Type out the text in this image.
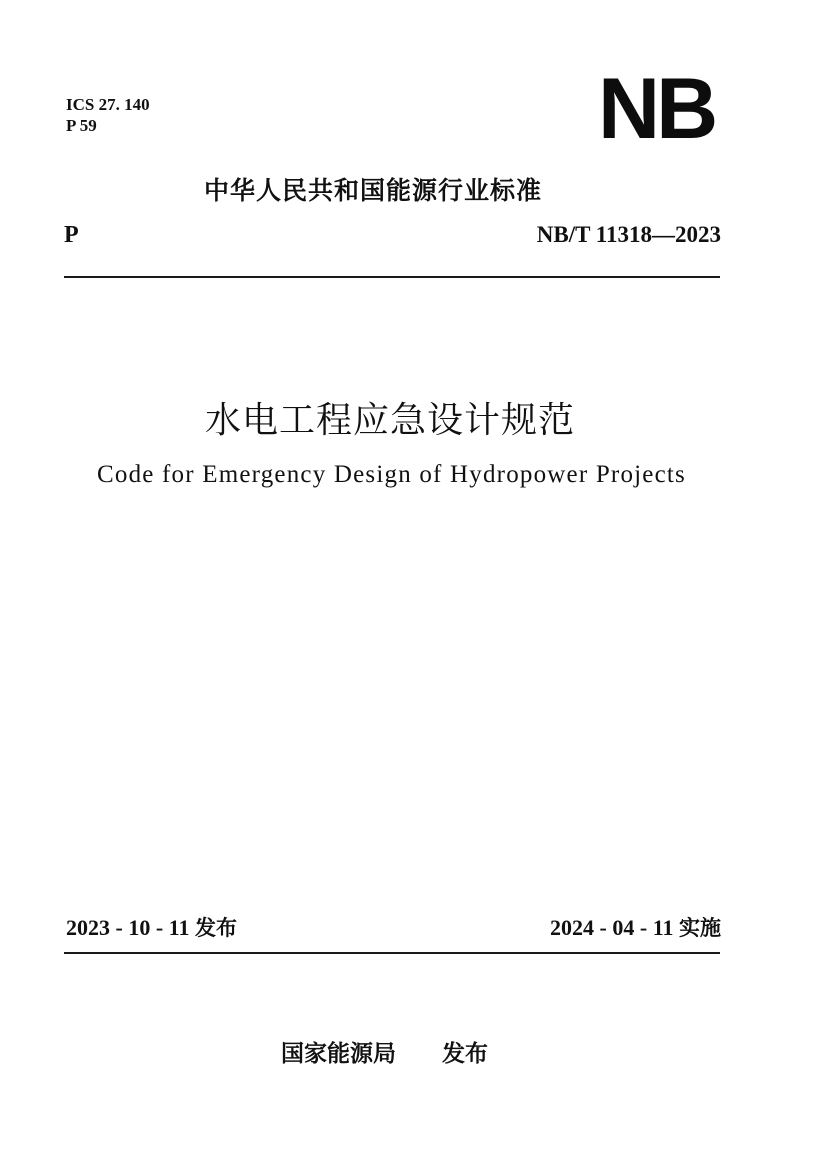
ICS 27. 140
P 59	NB
中华人民共和国能源行业标准
P	NB/T 11318—2023
水电工程应急设计规范
Code for Emergency Design of Hydropower Projects
2023 - 10 - 11 发布	2024 - 04 - 11 实施
国家能源局 发布
